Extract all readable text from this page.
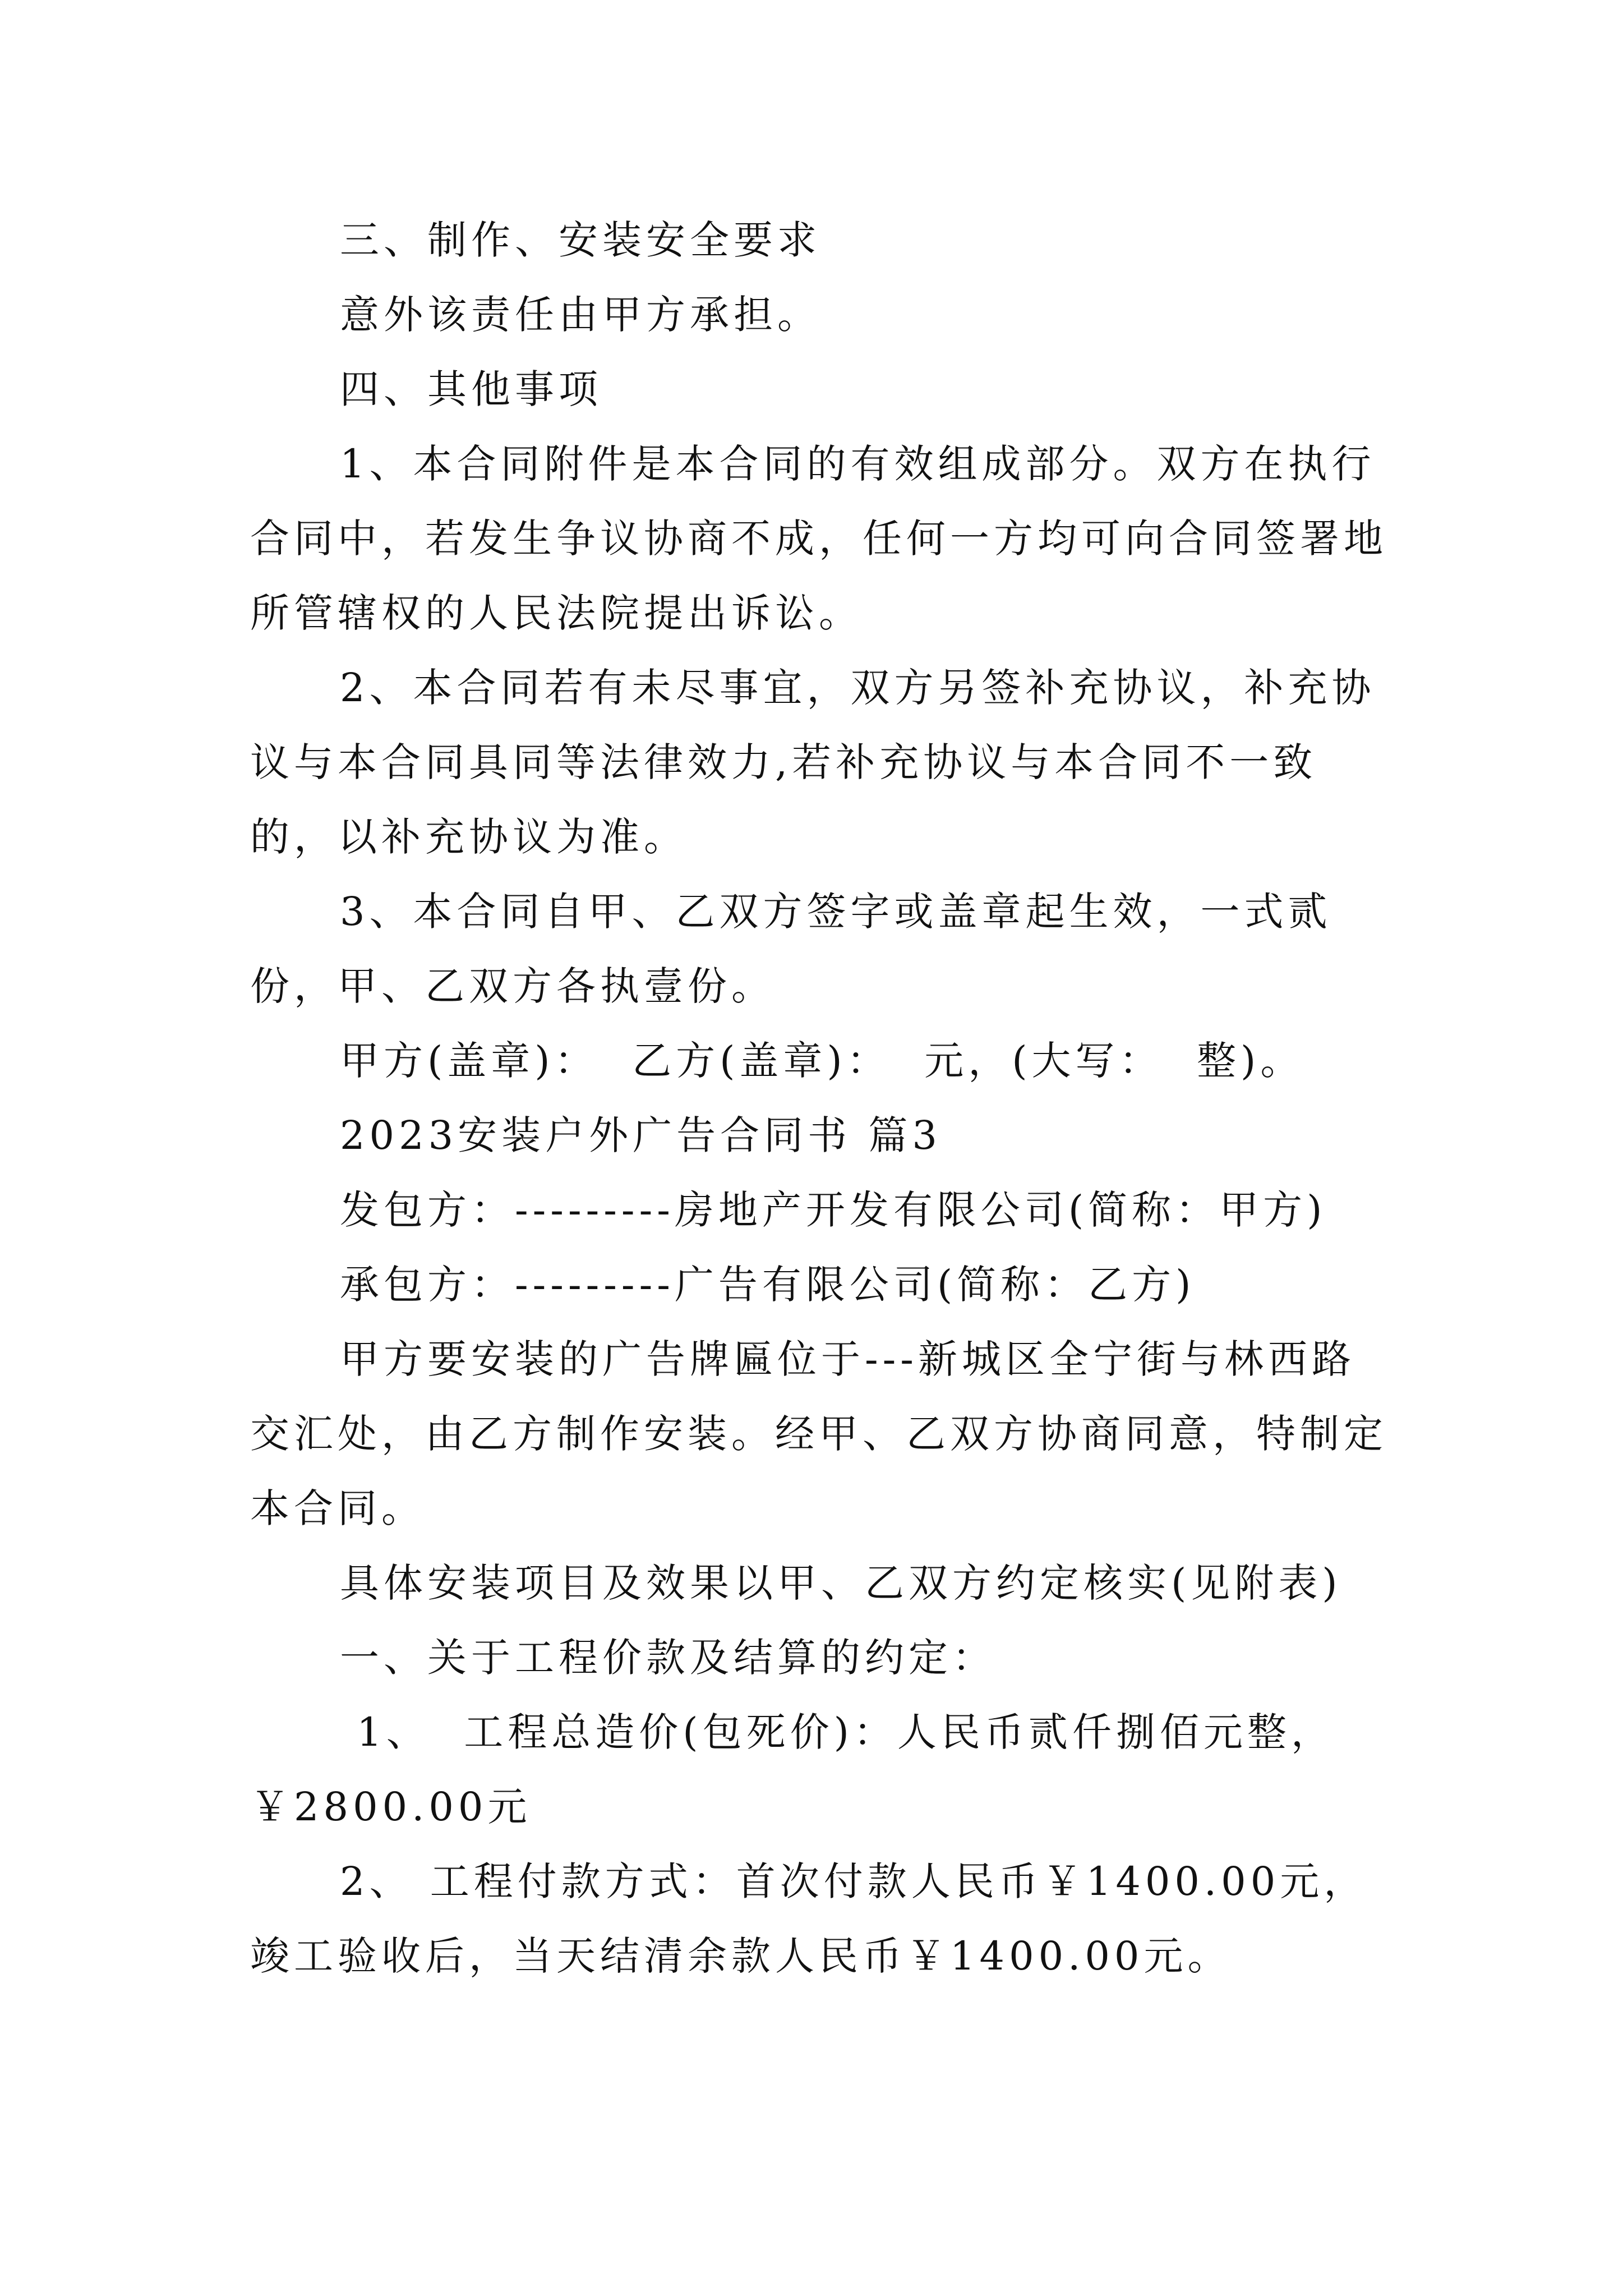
三、制作、安装安全要求

意外该责任由甲方承担。

四、其他事项

1、本合同附件是本合同的有效组成部分。双方在执行合同中，若发生争议协商不成，任何一方均可向合同签署地所管辖权的人民法院提出诉讼。

2、本合同若有未尽事宜，双方另签补充协议，补充协议与本合同具同等法律效力,若补充协议与本合同不一致的，以补充协议为准。

3、本合同自甲、乙双方签字或盖章起生效，一式贰份，甲、乙双方各执壹份。

甲方(盖章)：  乙方(盖章)：  元，(大写：  整)。

2023安装户外广告合同书 篇3

发包方：---------房地产开发有限公司(简称：甲方)

承包方：---------广告有限公司(简称：乙方)

甲方要安装的广告牌匾位于---新城区全宁街与林西路交汇处，由乙方制作安装。经甲、乙双方协商同意，特制定本合同。

具体安装项目及效果以甲、乙双方约定核实(见附表)

一、关于工程价款及结算的约定：

1、  工程总造价(包死价)：人民币贰仟捌佰元整，￥2800.00元

2、 工程付款方式：首次付款人民币￥1400.00元，竣工验收后，当天结清余款人民币￥1400.00元。
